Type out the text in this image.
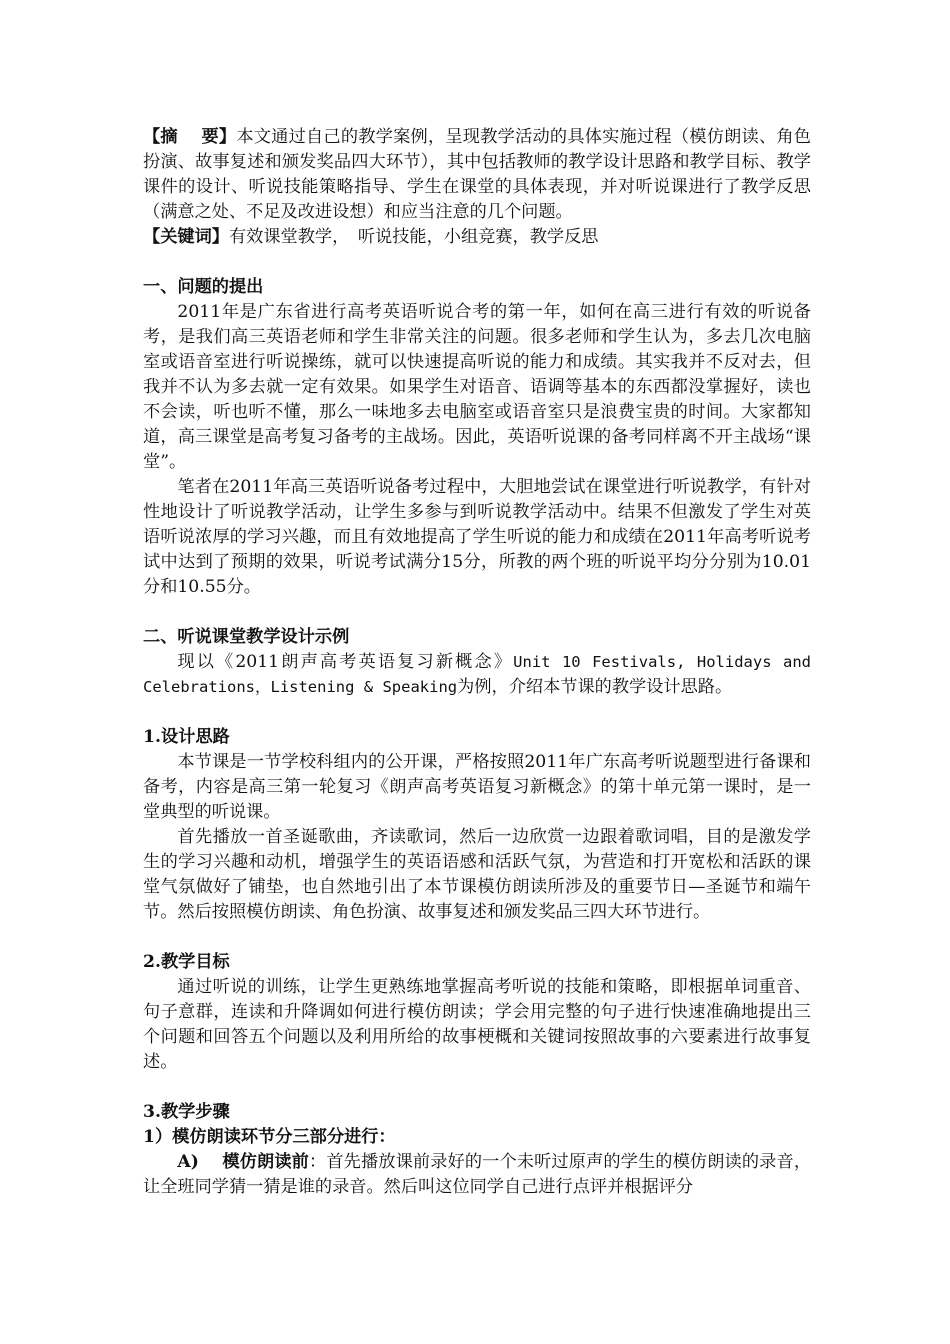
【摘　 要】本文通过自己的教学案例，呈现教学活动的具体实施过程（模仿朗读、角色扮演、故事复述和颁发奖品四大环节），其中包括教师的教学设计思路和教学目标、教学课件的设计、听说技能策略指导、学生在课堂的具体表现，并对听说课进行了教学反思（满意之处、不足及改进设想）和应当注意的几个问题。

【关键词】有效课堂教学，　听说技能，小组竞赛，教学反思

一、问题的提出

2011年是广东省进行高考英语听说合考的第一年，如何在高三进行有效的听说备考，是我们高三英语老师和学生非常关注的问题。很多老师和学生认为，多去几次电脑室或语音室进行听说操练，就可以快速提高听说的能力和成绩。其实我并不反对去，但我并不认为多去就一定有效果。如果学生对语音、语调等基本的东西都没掌握好，读也不会读，听也听不懂，那么一味地多去电脑室或语音室只是浪费宝贵的时间。大家都知道，高三课堂是高考复习备考的主战场。因此，英语听说课的备考同样离不开主战场“课堂”。

笔者在2011年高三英语听说备考过程中，大胆地尝试在课堂进行听说教学，有针对性地设计了听说教学活动，让学生多参与到听说教学活动中。结果不但激发了学生对英语听说浓厚的学习兴趣，而且有效地提高了学生听说的能力和成绩在2011年高考听说考试中达到了预期的效果，听说考试满分15分，所教的两个班的听说平均分分别为10.01分和10.55分。

二、听说课堂教学设计示例

现以《2011朗声高考英语复习新概念》Unit 10 Festivals, Holidays and Celebrations，Listening & Speaking为例，介绍本节课的教学设计思路。

1.设计思路

本节课是一节学校科组内的公开课，严格按照2011年广东高考听说题型进行备课和备考，内容是高三第一轮复习《朗声高考英语复习新概念》的第十单元第一课时，是一堂典型的听说课。

首先播放一首圣诞歌曲，齐读歌词，然后一边欣赏一边跟着歌词唱，目的是激发学生的学习兴趣和动机，增强学生的英语语感和活跃气氛，为营造和打开宽松和活跃的课堂气氛做好了铺垫，也自然地引出了本节课模仿朗读所涉及的重要节日—圣诞节和端午节。然后按照模仿朗读、角色扮演、故事复述和颁发奖品三四大环节进行。

2.教学目标

通过听说的训练，让学生更熟练地掌握高考听说的技能和策略，即根据单词重音、句子意群，连读和升降调如何进行模仿朗读；学会用完整的句子进行快速准确地提出三个问题和回答五个问题以及利用所给的故事梗概和关键词按照故事的六要素进行故事复述。

3.教学步骤

1）模仿朗读环节分三部分进行：

A)　 模仿朗读前：首先播放课前录好的一个未听过原声的学生的模仿朗读的录音，让全班同学猜一猜是谁的录音。然后叫这位同学自己进行点评并根据评分
